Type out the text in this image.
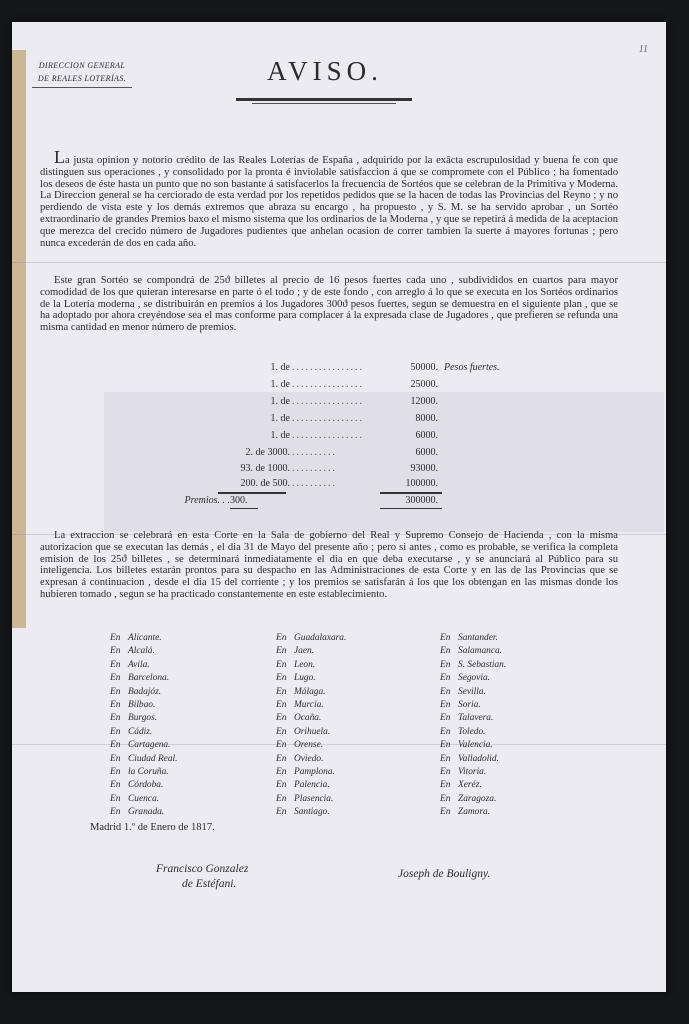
11
DIRECCION GENERAL
DE REALES LOTERÍAS.	AVISO.

La justa opinion y notorio crédito de las Reales Loterías de España , adquirido por la exâcta escrupulosidad y buena fe con que distinguen sus operaciones , y consolidado por la pronta é inviolable satisfaccion á que se compromete con el Público ; ha fomentado los deseos de éste hasta un punto que no son bastante á satisfacerlos la frecuencia de Sortéos que se celebran de la Primitiva y Moderna. La Direccion general se ha cerciorado de esta verdad por los repetidos pedidos que se la hacen de todas las Provincias del Reyno ; y no perdiendo de vista este y los demás extremos que abraza su encargo , ha propuesto , y S. M. se ha servido aprobar , un Sortéo extraordinario de grandes Premios baxo el mismo sistema que los ordinarios de la Moderna , y que se repetirá á medida de la aceptacion que merezca del crecido número de Jugadores pudientes que anhelan ocasion de correr tambien la suerte á mayores fortunas ; pero nunca excederán de dos en cada año.

Este gran Sortéo se compondrá de 25ϑ billetes al precio de 16 pesos fuertes cada uno , subdivididos en cuartos para mayor comodidad de los que quieran interesarse en parte ó el todo ; y de este fondo , con arreglo á lo que se executa en los Sortéos ordinarios de la Lotería moderna , se distribuirán en premios á los Jugadores 300ϑ pesos fuertes, segun se demuestra en el siguiente plan , que se ha adoptado por ahora creyéndose sea el mas conforme para complacer á la expresada clase de Jugadores , que prefieren se refunda una misma cantidad en menor número de premios.

1. de ................	50000. Pesos fuertes.
1. de ................	25000.
1. de ................	12000.
1. de ................	8000.
1. de ................	6000.
2. de 3000. ..........	6000.
93. de 1000. ..........	93000.
200. de 500. ..........	100000.
Premios. . . 300.	300000.

La extraccion se celebrará en esta Corte en la Sala de gobierno del Real y Supremo Consejo de Hacienda , con la misma autorizacion que se executan las demás , el dia 31 de Mayo del presente año ; pero si antes , como es probable, se verifica la completa emision de los 25ϑ billetes , se determinará inmediatamente el dia en que deba executarse , y se anunciará al Público para su inteligencia. Los billetes estarán prontos para su despacho en las Administraciones de esta Corte y en las de las Provincias que se expresan á continuacion , desde el dia 15 del corriente ; y los premios se satisfarán á los que los obtengan en las mismas donde los hubieren tomado , segun se ha practicado constantemente en este establecimiento.

En Alicante.
En Alcalá.
En Avila.
En Barcelona.
En Badajóz.
En Bilbao.
En Burgos.
En Cádiz.
En Cartagena.
En Ciudad Real.
En la Coruña.
En Córdoba.
En Cuenca.
En Granada.
En Guadalaxara.
En Jaen.
En Leon.
En Lugo.
En Málaga.
En Murcia.
En Ocaña.
En Orihuela.
En Orense.
En Oviedo.
En Pamplona.
En Palencia.
En Plasencia.
En Santiago.
En Santander.
En Salamanca.
En S. Sebastian.
En Segovia.
En Sevilla.
En Soria.
En Talavera.
En Toledo.
En Valencia.
En Valladolid.
En Vitoria.
En Xeréz.
En Zaragoza.
En Zamora.
Madrid 1.º de Enero de 1817.
Francisco Gonzalez
de Estéfani.
Joseph de Bouligny.
